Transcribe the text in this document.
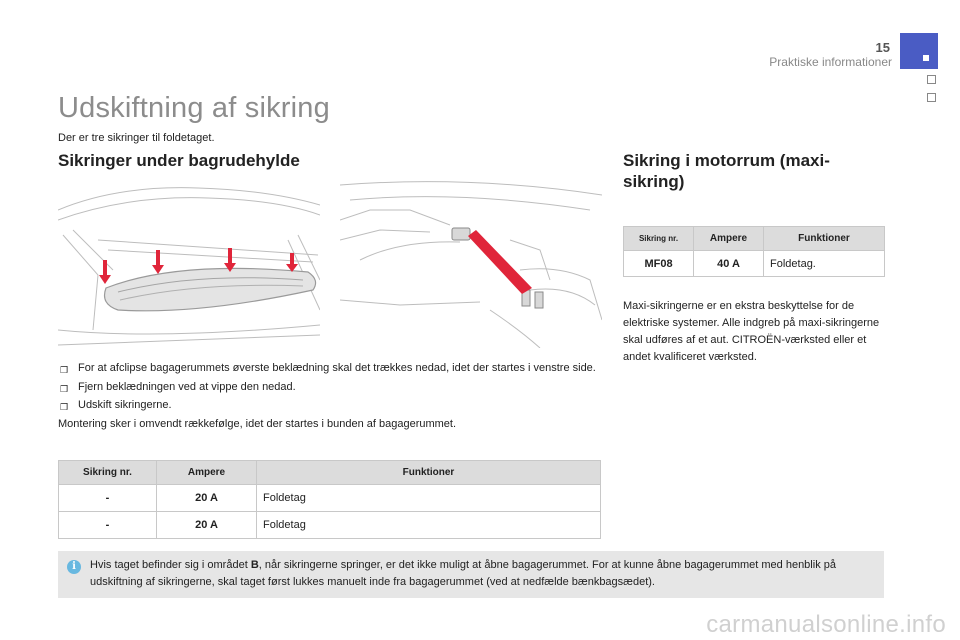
15
Praktiske informationer
Udskiftning af sikring

Der er tre sikringer til foldetaget.

Sikringer under bagrudehylde	Sikring i motorrum (maxi-sikring)
❒ For at afclipse bagagerummets øverste beklædning skal det trækkes nedad, idet der startes i venstre side.
❒ Fjern beklædningen ved at vippe den nedad.
❒ Udskift sikringerne.
Montering sker i omvendt rækkefølge, idet der startes i bunden af bagagerummet.
Sikring nr.	Ampere	Funktioner
MF08	40 A	Foldetag.

Maxi-sikringerne er en ekstra beskyttelse for de elektriske systemer. Alle indgreb på maxi-sikringerne skal udføres af et aut. CITROËN-værksted eller et andet kvalificeret værksted.

Sikring nr.	Ampere	Funktioner
-	20 A	Foldetag
-	20 A	Foldetag
i	Hvis taget befinder sig i området B, når sikringerne springer, er det ikke muligt at åbne bagagerummet. For at kunne åbne bagagerummet med henblik på udskiftning af sikringerne, skal taget først lukkes manuelt inde fra bagagerummet (ved at nedfælde bænkbagsædet).

carmanualsonline.info
